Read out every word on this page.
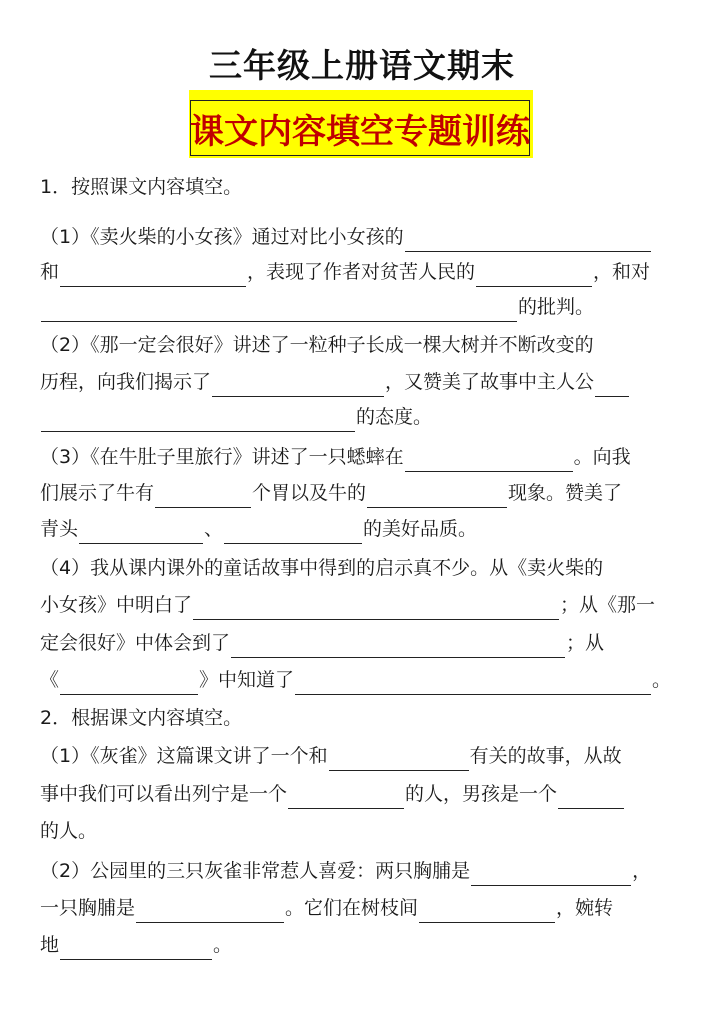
三年级上册语文期末
课文内容填空专题训练
1．按照课文内容填空。
（1）《卖火柴的小女孩》通过对比小女孩的
和	，表现了作者对贫苦人民的	，和对
的批判。
（2）《那一定会很好》讲述了一粒种子长成一棵大树并不断改变的
历程，向我们揭示了	，又赞美了故事中主人公
的态度。
（3）《在牛肚子里旅行》讲述了一只蟋蟀在	。向我
们展示了牛有	个胃以及牛的	现象。赞美了
青头	、	的美好品质。
（4）我从课内课外的童话故事中得到的启示真不少。从《卖火柴的
小女孩》中明白了	；从《那一
定会很好》中体会到了	；从
《	》中知道了	。
2．根据课文内容填空。
（1）《灰雀》这篇课文讲了一个和	有关的故事，从故
事中我们可以看出列宁是一个	的人，男孩是一个
的人。
（2）公园里的三只灰雀非常惹人喜爱：两只胸脯是	，
一只胸脯是	。它们在树枝间	，婉转
地	。
